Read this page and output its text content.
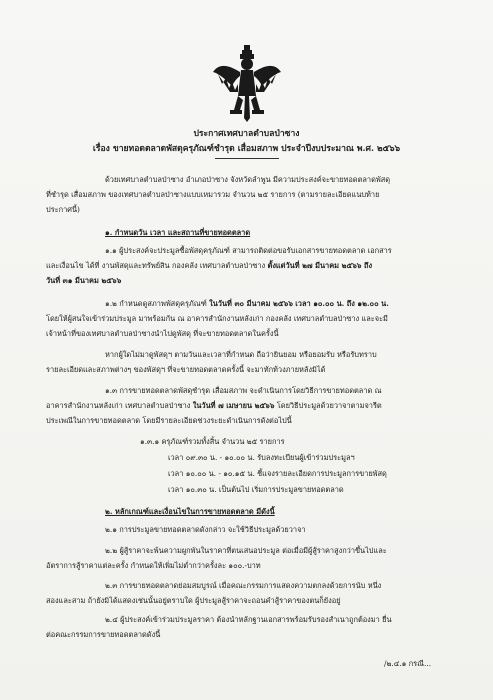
ประกาศเทศบาลตำบลป่าซาง
เรื่อง ขายทอดตลาดพัสดุครุภัณฑ์ชำรุด เสื่อมสภาพ ประจำปีงบประมาณ พ.ศ. ๒๕๖๖
ด้วยเทศบาลตำบลป่าซาง อำเภอป่าซาง จังหวัดลำพูน มีความประสงค์จะขายทอดตลาดพัสดุ
ที่ชำรุด เสื่อมสภาพ ของเทศบาลตำบลป่าซางแบบเหมารวม จำนวน ๒๕ รายการ (ตามรายละเอียดแนบท้าย
ประกาศนี้)
๑. กำหนดวัน เวลา และสถานที่ขายทอดตลาด
๑.๑ ผู้ประสงค์จะประมูลซื้อพัสดุครุภัณฑ์ สามารถติดต่อขอรับเอกสารขายทอดตลาด เอกสาร
และเงื่อนไข ได้ที่ งานพัสดุและทรัพย์สิน กองคลัง เทศบาลตำบลป่าซาง ตั้งแต่วันที่ ๒๗ มีนาคม ๒๕๖๖ ถึง
วันที่ ๓๑ มีนาคม ๒๕๖๖
๑.๒ กำหนดดูสภาพพัสดุครุภัณฑ์ ในวันที่ ๓๐ มีนาคม ๒๕๖๖ เวลา ๑๐.๐๐ น. ถึง ๑๒.๐๐ น.
โดยให้ผู้สนใจเข้าร่วมประมูล มาพร้อมกัน ณ อาคารสำนักงานหลังเก่า กองคลัง เทศบาลตำบลป่าซาง และจะมี
เจ้าหน้าที่ของเทศบาลตำบลป่าซางนำไปดูพัสดุ ที่จะขายทอดตลาดในครั้งนี้
หากผู้ใดไม่มาดูพัสดุฯ ตามวันและเวลาที่กำหนด ถือว่ายินยอม หรือยอมรับ หรือรับทราบ
รายละเอียดและสภาพต่างๆ ของพัสดุฯ ที่จะขายทอดตลาดครั้งนี้ จะมาทักท้วงภายหลังมิได้
๑.๓ การขายทอดตลาดพัสดุชำรุด เสื่อมสภาพ จะดำเนินการโดยวิธีการขายทอดตลาด ณ
อาคารสำนักงานหลังเก่า เทศบาลตำบลป่าซาง ในวันที่ ๗ เมษายน ๒๕๖๖ โดยวิธีประมูลด้วยวาจาตามจารีต
ประเพณีในการขายทอดตลาด โดยมีรายละเอียดช่วงระยะดำเนินการดังต่อไปนี้
๑.๓.๑ ครุภัณฑ์รวมทั้งสิ้น จำนวน ๒๕ รายการ
เวลา ๐๙.๓๐ น. - ๑๐.๐๐ น. รับลงทะเบียนผู้เข้าร่วมประมูลฯ
เวลา ๑๐.๐๐ น. - ๑๐.๑๕ น. ชี้แจงรายละเอียดการประมูลการขายพัสดุ
เวลา ๑๐.๓๐ น. เป็นต้นไป เริ่มการประมูลขายทอดตลาด
๒. หลักเกณฑ์และเงื่อนไขในการขายทอดตลาด มีดังนี้
๒.๑ การประมูลขายทอดตลาดดังกล่าว จะใช้วิธีประมูลด้วยวาจา
๒.๒ ผู้สู้ราคาจะพ้นความผูกพันในราคาที่ตนเสนอประมูล ต่อเมื่อมีผู้สู้ราคาสูงกว่าขึ้นไปและ
อัตราการสู้ราคาแต่ละครั้ง กำหนดให้เพิ่มไม่ต่ำกว่าครั้งละ ๑๐๐.-บาท
๒.๓ การขายทอดตลาดย่อมสมบูรณ์ เมื่อคณะกรรมการแสดงความตกลงด้วยการนับ หนึ่ง
สองและสาม ถ้ายังมิได้แสดงเช่นนั้นอยู่ตราบใด ผู้ประมูลสู้ราคาจะถอนคำสู้ราคาของตนก็ยังอยู่
๒.๔ ผู้ประสงค์เข้าร่วมประมูลราคา ต้องนำหลักฐานเอกสารพร้อมรับรองสำเนาถูกต้องมา ยื่น
ต่อคณะกรรมการขายทอดตลาดดังนี้
/๒.๔.๑ กรณี...
